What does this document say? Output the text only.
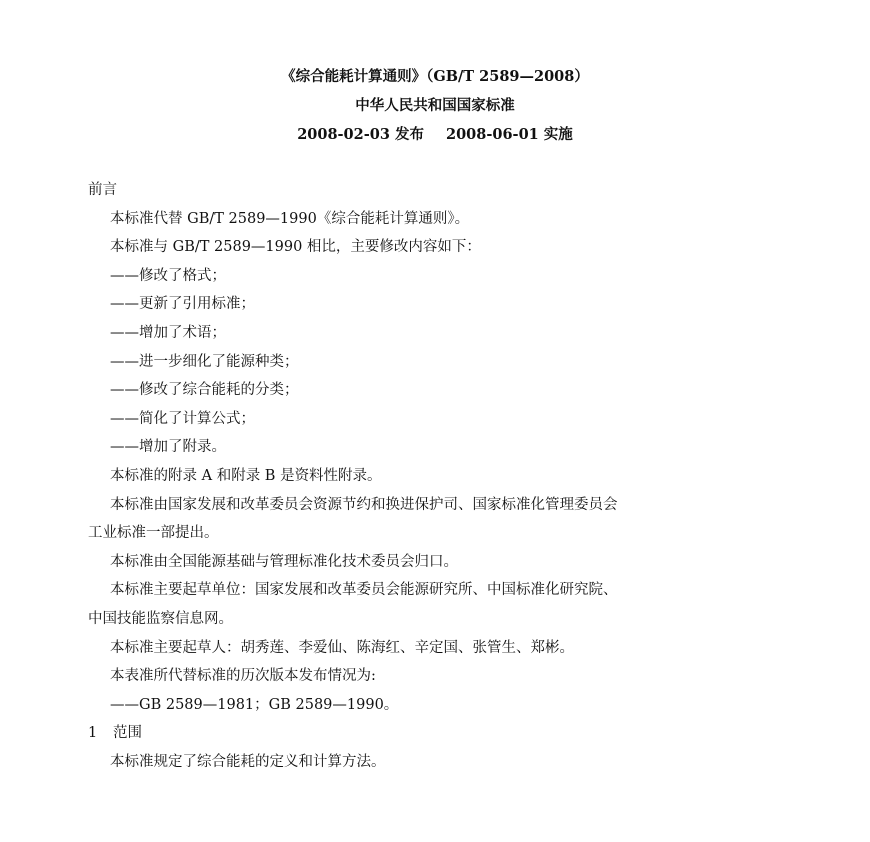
《综合能耗计算通则》（GB/T 2589—2008）
中华人民共和国国家标准
2008-02-03 发布 2008-06-01 实施
前言
本标准代替 GB/T 2589—1990《综合能耗计算通则》。
本标准与 GB/T 2589—1990 相比，主要修改内容如下：
——修改了格式；
——更新了引用标准；
——增加了术语；
——进一步细化了能源种类；
——修改了综合能耗的分类；
——简化了计算公式；
——增加了附录。
本标准的附录 A 和附录 B 是资料性附录。
本标准由国家发展和改革委员会资源节约和换进保护司、国家标准化管理委员会
工业标准一部提出。
本标准由全国能源基础与管理标准化技术委员会归口。
本标准主要起草单位：国家发展和改革委员会能源研究所、中国标准化研究院、
中国技能监察信息网。
本标准主要起草人：胡秀莲、李爱仙、陈海红、辛定国、张管生、郑彬。
本表准所代替标准的历次版本发布情况为:
——GB 2589—1981；GB 2589—1990。
1	范围
本标准规定了综合能耗的定义和计算方法。
